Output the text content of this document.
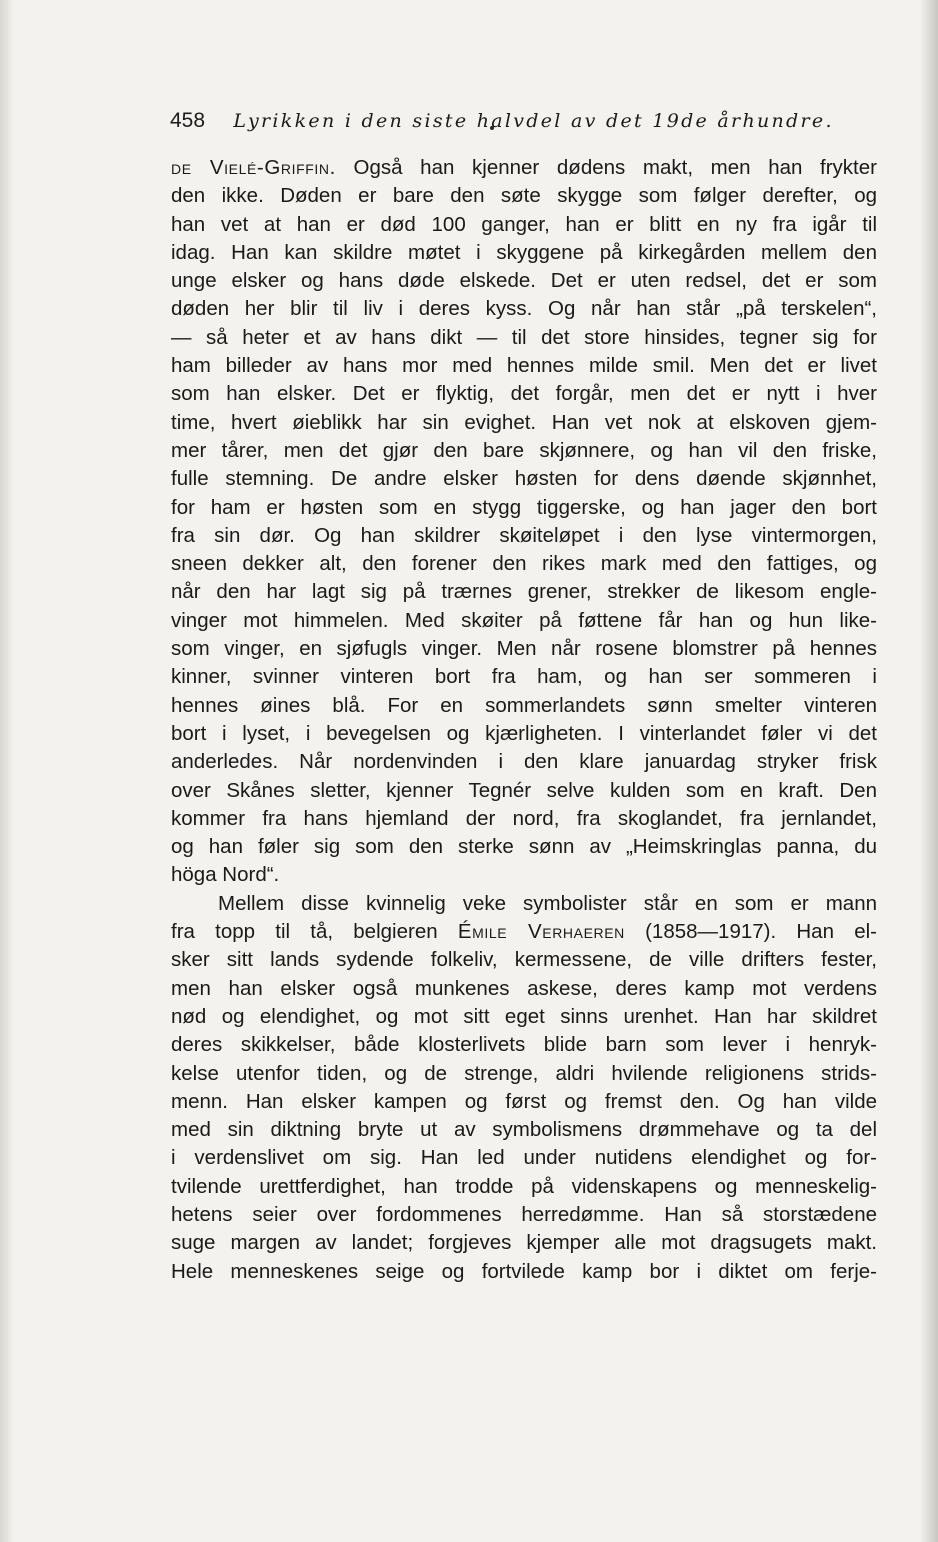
458 Lyrikken i den siste halvdel av det 19de århundre.
de Vielé-Griffin. Også han kjenner dødens makt, men han frykter
den ikke. Døden er bare den søte skygge som følger derefter, og
han vet at han er død 100 ganger, han er blitt en ny fra igår til
idag. Han kan skildre møtet i skyggene på kirkegården mellem den
unge elsker og hans døde elskede. Det er uten redsel, det er som
døden her blir til liv i deres kyss. Og når han står „på terskelen“,
— så heter et av hans dikt — til det store hinsides, tegner sig for
ham billeder av hans mor med hennes milde smil. Men det er livet
som han elsker. Det er flyktig, det forgår, men det er nytt i hver
time, hvert øieblikk har sin evighet. Han vet nok at elskoven gjem-
mer tårer, men det gjør den bare skjønnere, og han vil den friske,
fulle stemning. De andre elsker høsten for dens døende skjønnhet,
for ham er høsten som en stygg tiggerske, og han jager den bort
fra sin dør. Og han skildrer skøiteløpet i den lyse vintermorgen,
sneen dekker alt, den forener den rikes mark med den fattiges, og
når den har lagt sig på trærnes grener, strekker de likesom engle-
vinger mot himmelen. Med skøiter på føttene får han og hun like-
som vinger, en sjøfugls vinger. Men når rosene blomstrer på hennes
kinner, svinner vinteren bort fra ham, og han ser sommeren i
hennes øines blå. For en sommerlandets sønn smelter vinteren
bort i lyset, i bevegelsen og kjærligheten. I vinterlandet føler vi det
anderledes. Når nordenvinden i den klare januardag stryker frisk
over Skånes sletter, kjenner Tegnér selve kulden som en kraft. Den
kommer fra hans hjemland der nord, fra skoglandet, fra jernlandet,
og han føler sig som den sterke sønn av „Heimskringlas panna, du
höga Nord“.
Mellem disse kvinnelig veke symbolister står en som er mann
fra topp til tå, belgieren Émile Verhaeren (1858—1917). Han el-
sker sitt lands sydende folkeliv, kermessene, de ville drifters fester,
men han elsker også munkenes askese, deres kamp mot verdens
nød og elendighet, og mot sitt eget sinns urenhet. Han har skildret
deres skikkelser, både klosterlivets blide barn som lever i henryk-
kelse utenfor tiden, og de strenge, aldri hvilende religionens strids-
menn. Han elsker kampen og først og fremst den. Og han vilde
med sin diktning bryte ut av symbolismens drømmehave og ta del
i verdenslivet om sig. Han led under nutidens elendighet og for-
tvilende urettferdighet, han trodde på videnskapens og menneskelig-
hetens seier over fordommenes herredømme. Han så storstædene
suge margen av landet; forgjeves kjemper alle mot dragsugets makt.
Hele menneskenes seige og fortvilede kamp bor i diktet om ferje-
